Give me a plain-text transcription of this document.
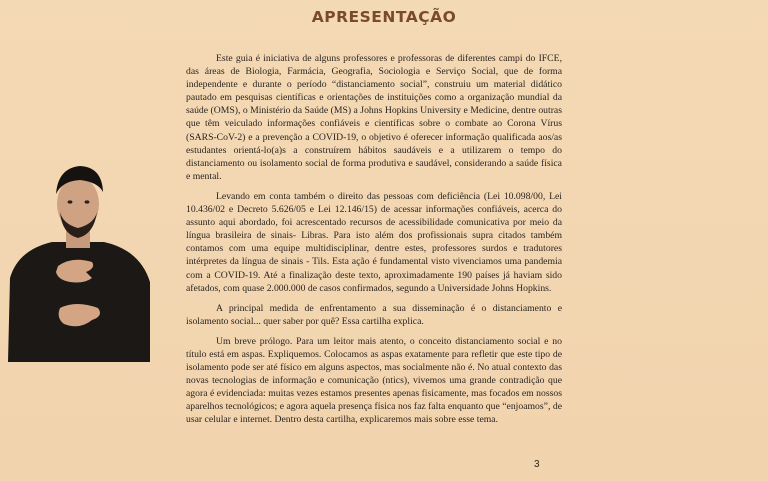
APRESENTAÇÃO

Este guia é iniciativa de alguns professores e professoras de diferentes campi do IFCE, das áreas de Biologia, Farmácia, Geografia, Sociologia e Serviço Social, que de forma independente e durante o período “distanciamento social”, construiu um material didático pautado em pesquisas científicas e orientações de instituições como a organização mundial da saúde (OMS), o Ministério da Saúde (MS) a Johns Hopkins University e Medicine, dentre outras que têm veiculado informações confiáveis e científicas sobre o combate ao Corona Vírus (SARS-CoV-2) e a prevenção a COVID-19, o objetivo é oferecer informação qualificada aos/as estudantes orientá-lo(a)s a construírem hábitos saudáveis e a utilizarem o tempo do distanciamento ou isolamento social de forma produtiva e saudável, considerando a saúde física e mental.

Levando em conta também o direito das pessoas com deficiência (Lei 10.098/00, Lei 10.436/02 e Decreto 5.626/05 e Lei 12.146/15) de acessar informações confiáveis, acerca do assunto aqui abordado, foi acrescentado recursos de acessibilidade comunicativa por meio da língua brasileira de sinais- Libras. Para isto além dos profissionais supra citados também contamos com uma equipe multidisciplinar, dentre estes, professores surdos e tradutores intérpretes da língua de sinais - Tils. Esta ação é fundamental visto vivenciamos uma pandemia com a COVID-19. Até a finalização deste texto, aproximadamente 190 países já haviam sido afetados, com quase 2.000.000 de casos confirmados, segundo a Universidade Johns Hopkins.

A principal medida de enfrentamento a sua disseminação é o distanciamento e isolamento social... quer saber por quê? Essa cartilha explica.

Um breve prólogo. Para um leitor mais atento, o conceito distanciamento social e no título está em aspas. Expliquemos. Colocamos as aspas exatamente para refletir que este tipo de isolamento pode ser até físico em alguns aspectos, mas socialmente não é. No atual contexto das novas tecnologias de informação e comunicação (ntics), vivemos uma grande contradição que agora é evidenciada: muitas vezes estamos presentes apenas fisicamente, mas focados em nossos aparelhos tecnológicos; e agora aquela presença física nos faz falta enquanto que “enjoamos”, de usar celular e internet. Dentro desta cartilha, explicaremos mais sobre esse tema.

3
